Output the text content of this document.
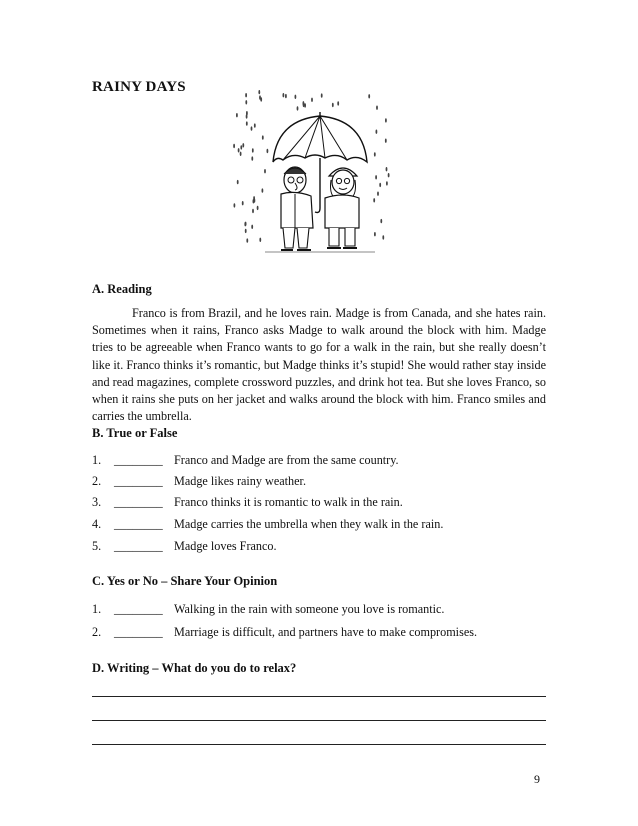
RAINY DAYS
A. Reading

Franco is from Brazil, and he loves rain. Madge is from Canada, and she hates rain. Sometimes when it rains, Franco asks Madge to walk around the block with him. Madge tries to be agreeable when Franco wants to go for a walk in the rain, but she really doesn’t like it. Franco thinks it’s romantic, but Madge thinks it’s stupid! She would rather stay inside and read magazines, complete crossword puzzles, and drink hot tea. But she loves Franco, so when it rains she puts on her jacket and walks around the block with him. Franco smiles and carries the umbrella.

B. True or False
1. ________ Franco and Madge are from the same country.
2. ________ Madge likes rainy weather.
3. ________ Franco thinks it is romantic to walk in the rain.
4. ________ Madge carries the umbrella when they walk in the rain.
5. ________ Madge loves Franco.
C. Yes or No – Share Your Opinion
1. ________ Walking in the rain with someone you love is romantic.
2. ________ Marriage is difficult, and partners have to make compromises.
D. Writing – What do you do to relax?
9
